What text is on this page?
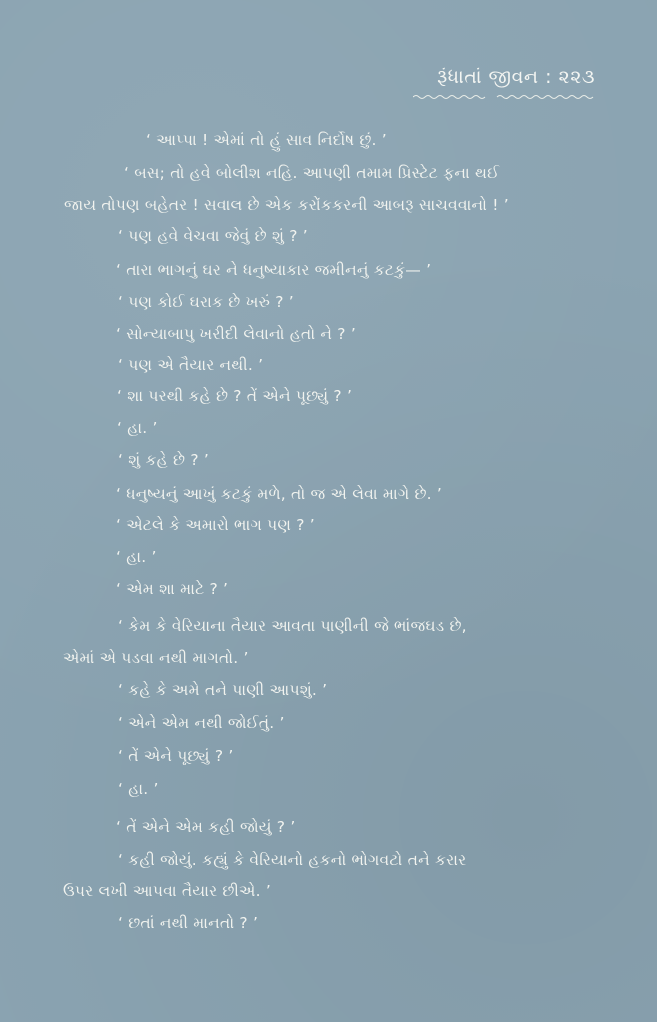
રૂંધાતાં જીવન : ૨૨૩
‘ આપ્પા ! એમાં તો હું સાવ નિર્દોષ છું. ’
‘ બસ; તો હવે બોલીશ નહિ. આપણી તમામ પ્રિસ્ટેટ ફના થઈ
જાય તોપણ બહેતર ! સવાલ છે એક કરોંકકરની આબરૂ સાચવવાનો ! ’
‘ પણ હવે વેચવા જેવું છે શું ? ’
‘ તારા ભાગનું ઘર ને ધનુષ્યાકાર જમીનનું કટકું— ’
‘ પણ કોઈ ઘરાક છે ખરું ? ’
‘ સોન્યાબાપુ ખરીદી લેવાનો હતો ને ? ’
‘ પણ એ તૈયાર નથી. ’
‘ શા પરથી કહે છે ? તેં એને પૂછ્યું ? ’
‘ હા. ’
‘ શું કહે છે ? ’
‘ ધનુષ્યનું આખું કટકું મળે, તો જ એ લેવા માગે છે. ’
‘ એટલે કે અમારો ભાગ પણ ? ’
‘ હા. ’
‘ એમ શા માટે ? ’
‘ કેમ કે વેરિયાના તૈયાર આવતા પાણીની જે ભાંજઘડ છે,
એમાં એ પડવા નથી માગતો. ’
‘ કહે કે અમે તને પાણી આપશું. ’
‘ એને એમ નથી જોઈતું. ’
‘ તેં એને પૂછ્યું ? ’
‘ હા. ’
‘ તેં એને એમ કહી જોયું ? ’
‘ કહી જોયું. કહ્યું કે વેરિયાનો હકનો ભોગવટો તને કરાર
ઉપર લખી આપવા તૈયાર છીએ. ’
‘ છતાં નથી માનતો ? ’
